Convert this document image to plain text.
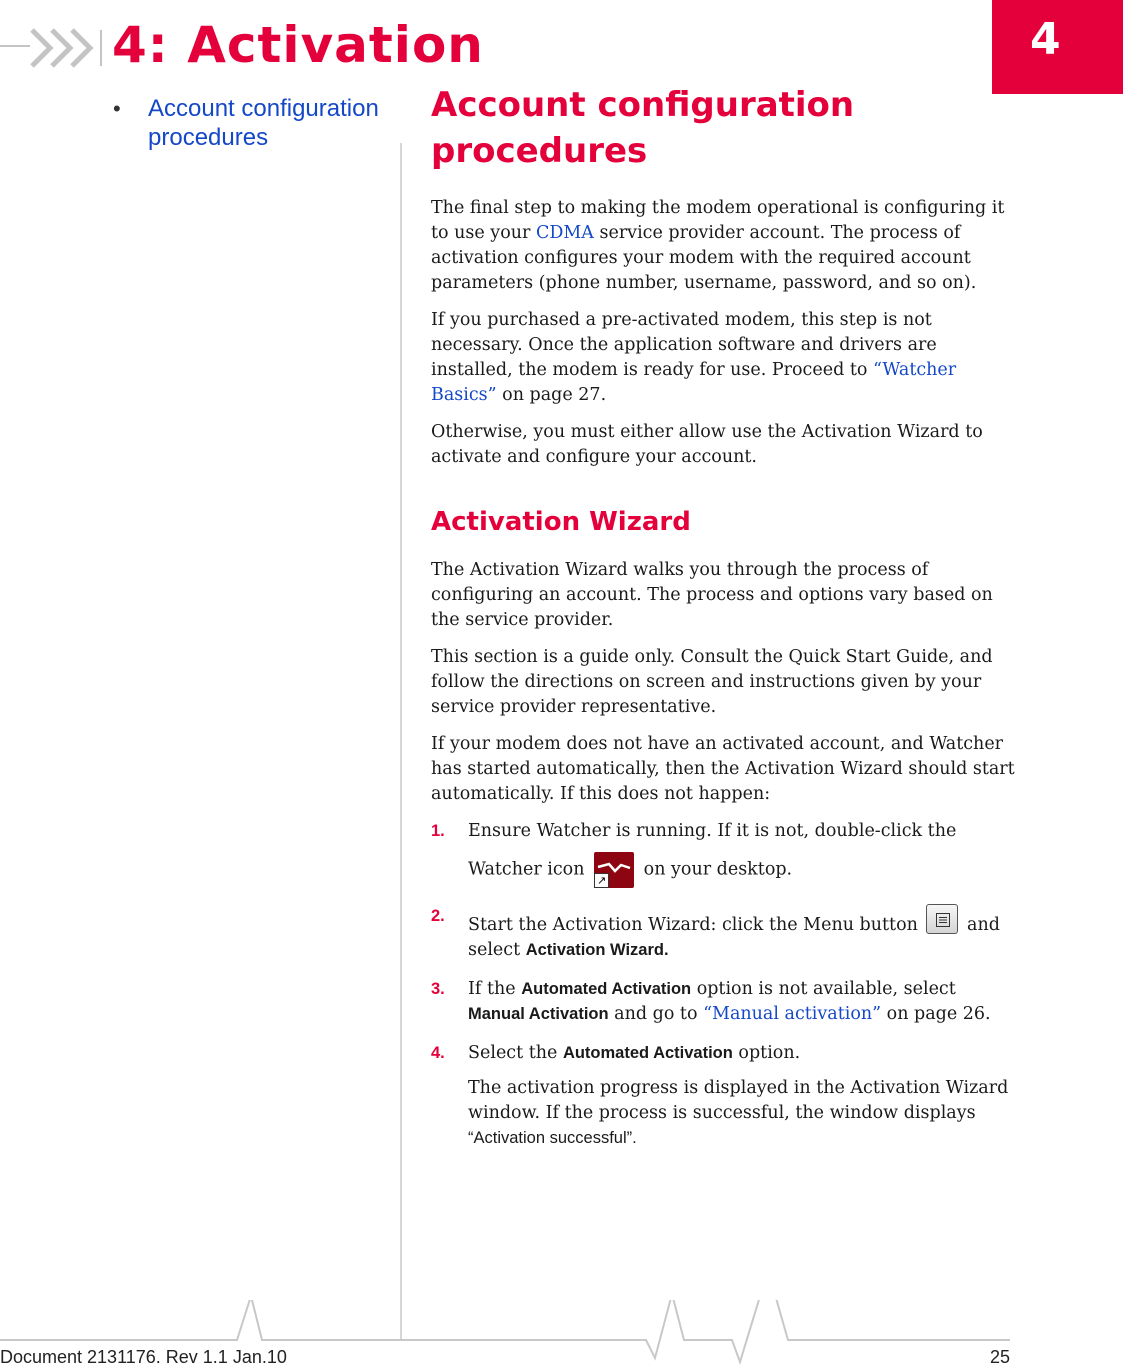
4: Activation	4
• Account configuration procedures
Account configuration procedures

The final step to making the modem operational is configuring it to use your CDMA service provider account. The process of activation configures your modem with the required account parameters (phone number, username, password, and so on).

If you purchased a pre-activated modem, this step is not necessary. Once the application software and drivers are installed, the modem is ready for use. Proceed to “Watcher Basics” on page 27.

Otherwise, you must either allow use the Activation Wizard to activate and configure your account.

Activation Wizard

The Activation Wizard walks you through the process of configuring an account. The process and options vary based on the service provider.

This section is a guide only. Consult the Quick Start Guide, and follow the directions on screen and instructions given by your service provider representative.

If your modem does not have an activated account, and Watcher has started automatically, then the Activation Wizard should start automatically. If this does not happen:

1. Ensure Watcher is running. If it is not, double-click the
Watcher icon
↗
on your desktop.
2. Start the Activation Wizard: click the Menu button	and select Activation Wizard.
3. If the Automated Activation option is not available, select Manual Activation and go to “Manual activation” on page 26.
4. Select the Automated Activation option.

The activation progress is displayed in the Activation Wizard window. If the process is successful, the window displays “Activation successful”.

Document 2131176. Rev 1.1 Jan.10	25
